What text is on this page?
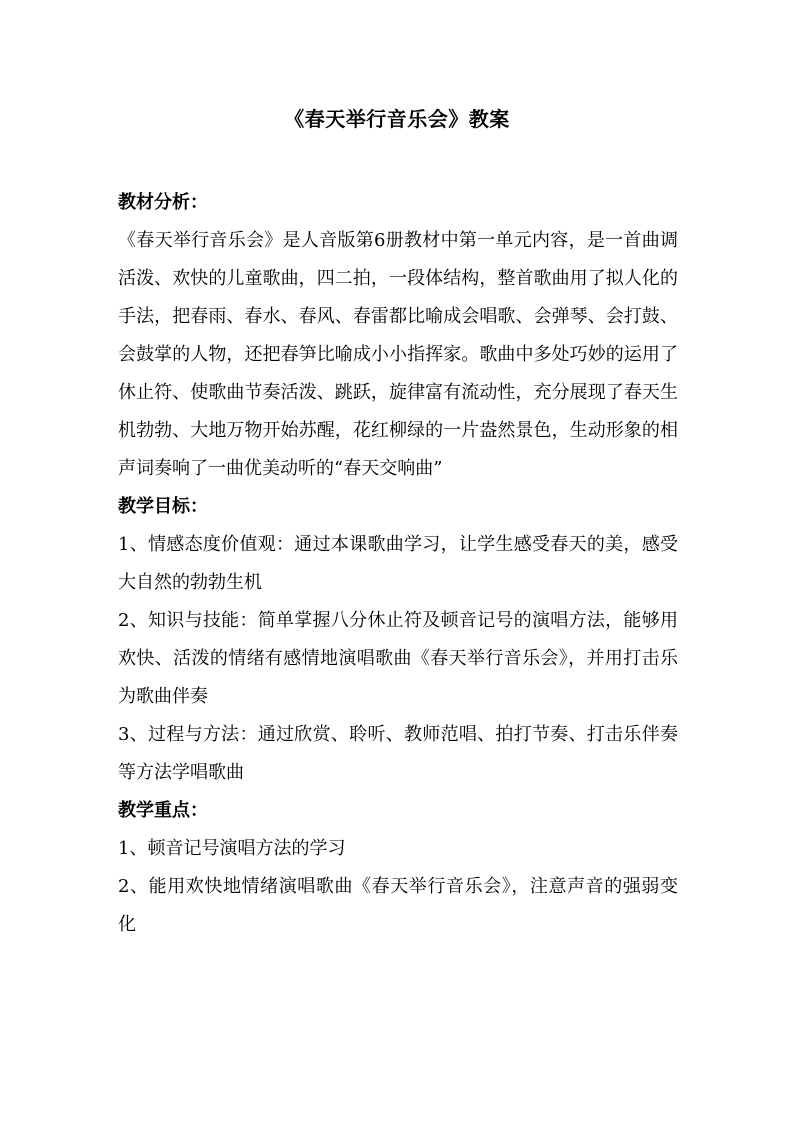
《春天举行音乐会》教案

教材分析：

《春天举行音乐会》是人音版第6册教材中第一单元内容，是一首曲调活泼、欢快的儿童歌曲，四二拍，一段体结构，整首歌曲用了拟人化的手法，把春雨、春水、春风、春雷都比喻成会唱歌、会弹琴、会打鼓、会鼓掌的人物，还把春笋比喻成小小指挥家。歌曲中多处巧妙的运用了休止符、使歌曲节奏活泼、跳跃，旋律富有流动性，充分展现了春天生机勃勃、大地万物开始苏醒，花红柳绿的一片盎然景色，生动形象的相声词奏响了一曲优美动听的“春天交响曲”

教学目标：

1、情感态度价值观：通过本课歌曲学习，让学生感受春天的美，感受大自然的勃勃生机

2、知识与技能：简单掌握八分休止符及顿音记号的演唱方法，能够用欢快、活泼的情绪有感情地演唱歌曲《春天举行音乐会》，并用打击乐为歌曲伴奏

3、过程与方法：通过欣赏、聆听、教师范唱、拍打节奏、打击乐伴奏等方法学唱歌曲

教学重点：

1、顿音记号演唱方法的学习

2、能用欢快地情绪演唱歌曲《春天举行音乐会》，注意声音的强弱变化
